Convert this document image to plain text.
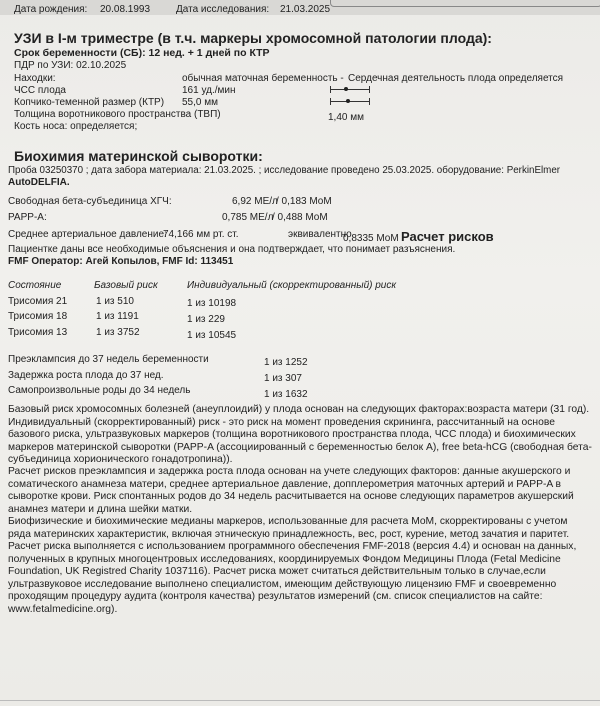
Дата рождения: 20.08.1993	Дата исследования: 21.03.2025
УЗИ в I-м триместре (в т.ч. маркеры хромосомной патологии плода):
Срок беременности (СБ): 12 нед. + 1 дней по КТР
ПДР по УЗИ: 02.10.2025
Находки:	обычная маточная беременность - Сердечная деятельность плода определяется
ЧСС плода	161 уд./мин
Копчико-теменной размер (КТР) 55,0 мм
Толщина воротникового пространства (ТВП)	1,40 мм
Кость носа: определяется;
Биохимия материнской сыворотки:
Проба 03250370 ; дата забора материала: 21.03.2025. ; исследование проведено 25.03.2025. оборудование: PerkinElmer
AutoDELFIA.
Свободная бета-субъединица ХГЧ:	6,92 МЕ/л
/ 0,183 МоМ
PAPP-A:	0,785 МЕ/л
/ 0,488 МоМ
Среднее артериальное давление:
74,166 мм рт. ст.	эквивалентно
0,8335 МоМ Расчет рисков
Пациентке даны все необходимые объяснения и она подтверждает, что понимает разъяснения.
FMF Оператор: Агей Копылов, FMF Id: 113451
Состояние	Базовый риск	Индивидуальный (скорректированный) риск
Трисомия 21	1 из 510	1 из 10198
Трисомия 18	1 из 1191	1 из 229
Трисомия 13	1 из 3752	1 из 10545
Преэклампсия до 37 недель беременности	1 из 1252
Задержка роста плода до 37 нед.	1 из 307
Самопроизвольные роды до 34 недель	1 из 1632
Базовый риск хромосомных болезней (анеуплоидий) у плода основан на следующих факторах:возраста матери (31 год). Индивидуальный (скорректированный) риск - это риск на момент проведения скрининга, рассчитанный на основе базового риска, ультразвуковых маркеров (толщина воротникового пространства плода, ЧСС плода) и биохимических маркеров материнской сыворотки (PAPP-A (ассоциированный с беременностью белок A), free beta-hCG (свободная бета-субъединица хорионического гонадотропина)).
Расчет рисков преэклампсия и задержка роста плода основан на учете следующих факторов: данные акушерского и соматического анамнеза матери, среднее артериальное давление, допплерометрия маточных артерий и PAPP-A в сыворотке крови. Риск спонтанных родов до 34 недель расчитывается на основе следующих параметров акушерский анамнез матери и длина шейки матки.
Биофизические и биохимические медианы маркеров, использованные для расчета MoM, скорректированы с учетом ряда материнских характеристик, включая этническую принадлежность, вес, рост, курение, метод зачатия и паритет.
Расчет риска выполняется с использованием программного обеспечения FMF-2018 (версия 4.4) и основан на данных, полученных в крупных многоцентровых исследованиях, координируемых Фондом Медицины Плода (Fetal Medicine Foundation, UK Registred Charity 1037116). Расчет риска может считаться действительным только в случае,если ультразвуковое исследование выполнено специалистом, имеющим действующую лицензию FMF и своевременно проходящим процедуру аудита (контроля качества) результатов измерений (см. список специалистов на сайте: www.fetalmedicine.org).
